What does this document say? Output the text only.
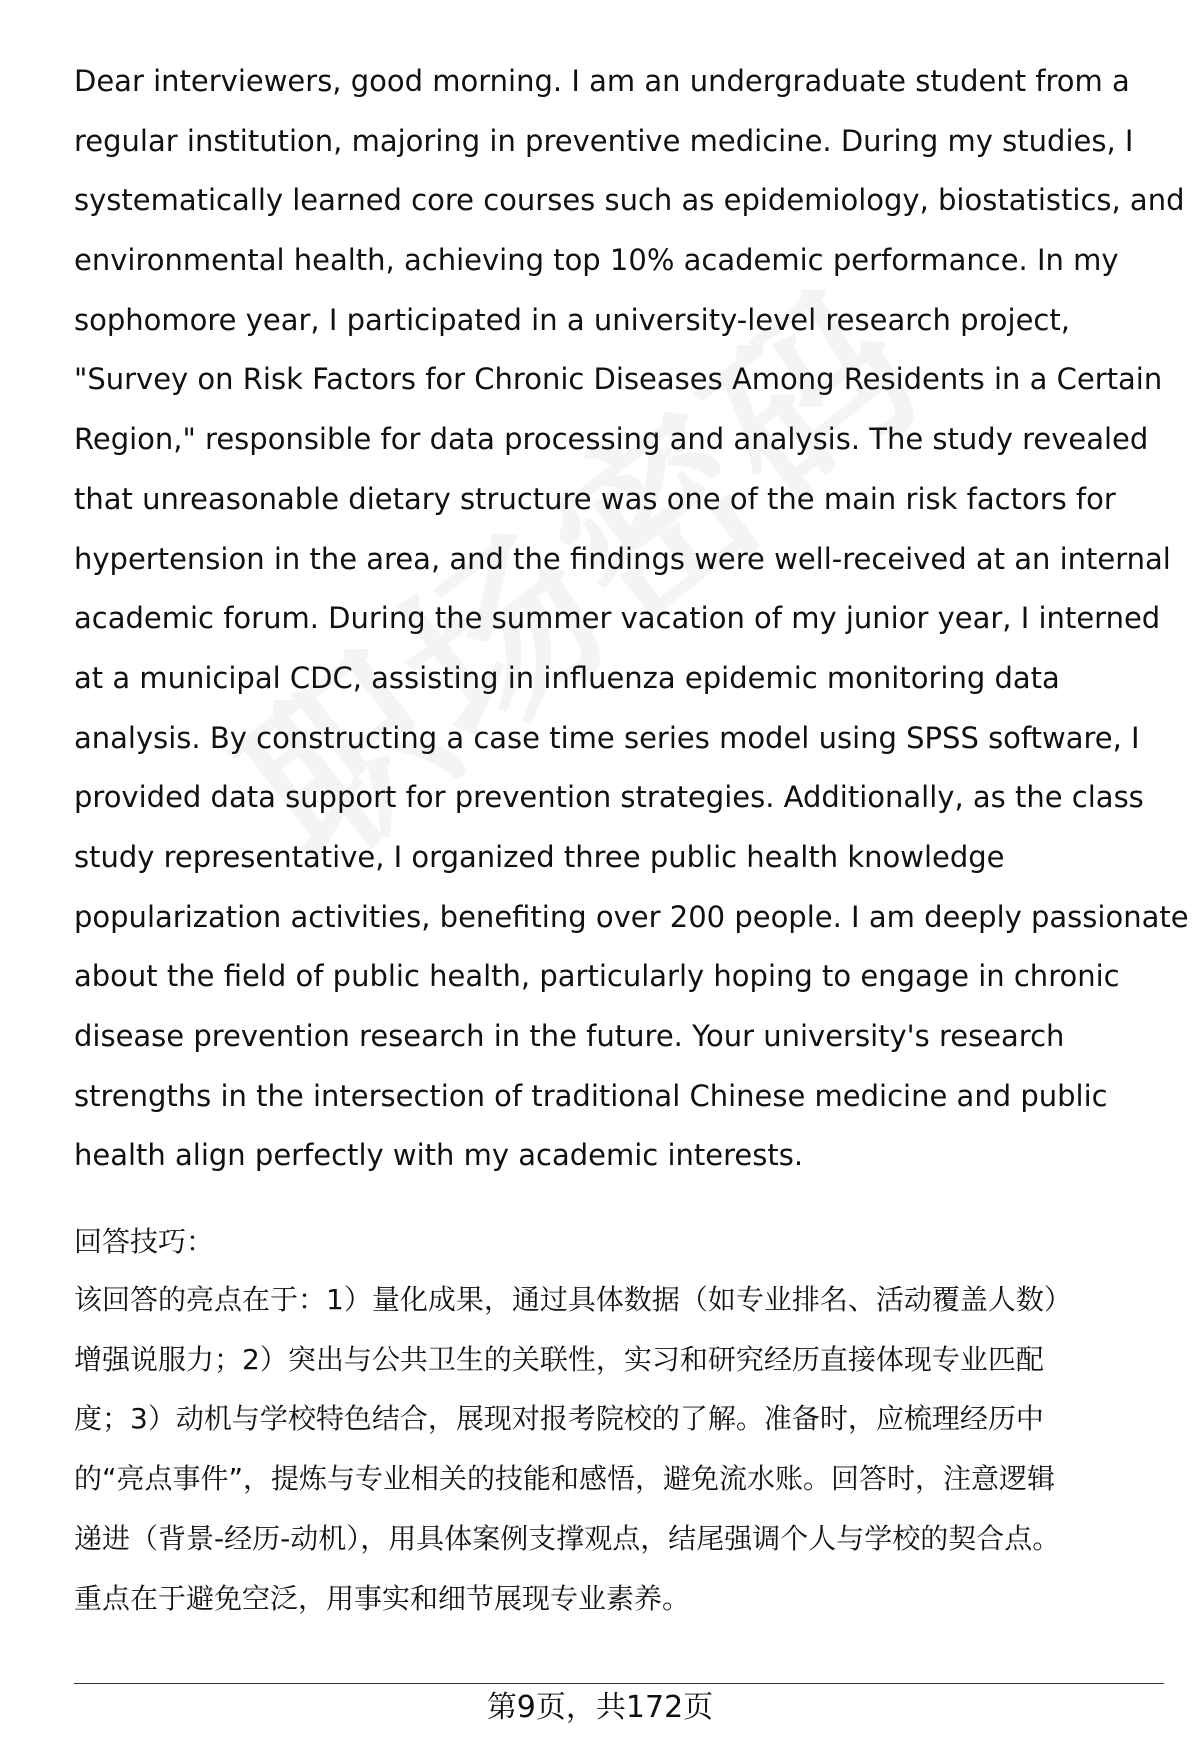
Dear interviewers, good morning. I am an undergraduate student from a
regular institution, majoring in preventive medicine. During my studies, I
systematically learned core courses such as epidemiology, biostatistics, and
environmental health, achieving top 10% academic performance. In my
sophomore year, I participated in a university-level research project,
"Survey on Risk Factors for Chronic Diseases Among Residents in a Certain
Region," responsible for data processing and analysis. The study revealed
that unreasonable dietary structure was one of the main risk factors for
hypertension in the area, and the findings were well-received at an internal
academic forum. During the summer vacation of my junior year, I interned
at a municipal CDC, assisting in influenza epidemic monitoring data
analysis. By constructing a case time series model using SPSS software, I
provided data support for prevention strategies. Additionally, as the class
study representative, I organized three public health knowledge
popularization activities, benefiting over 200 people. I am deeply passionate
about the field of public health, particularly hoping to engage in chronic
disease prevention research in the future. Your university's research
strengths in the intersection of traditional Chinese medicine and public
health align perfectly with my academic interests.
回答技巧：
该回答的亮点在于：1）量化成果，通过具体数据（如专业排名、活动覆盖人数）
增强说服力；2）突出与公共卫生的关联性，实习和研究经历直接体现专业匹配
度；3）动机与学校特色结合，展现对报考院校的了解。准备时，应梳理经历中
的“亮点事件”，提炼与专业相关的技能和感悟，避免流水账。回答时，注意逻辑
递进（背景-经历-动机），用具体案例支撑观点，结尾强调个人与学校的契合点。
重点在于避免空泛，用事实和细节展现专业素养。
第9页，共172页
